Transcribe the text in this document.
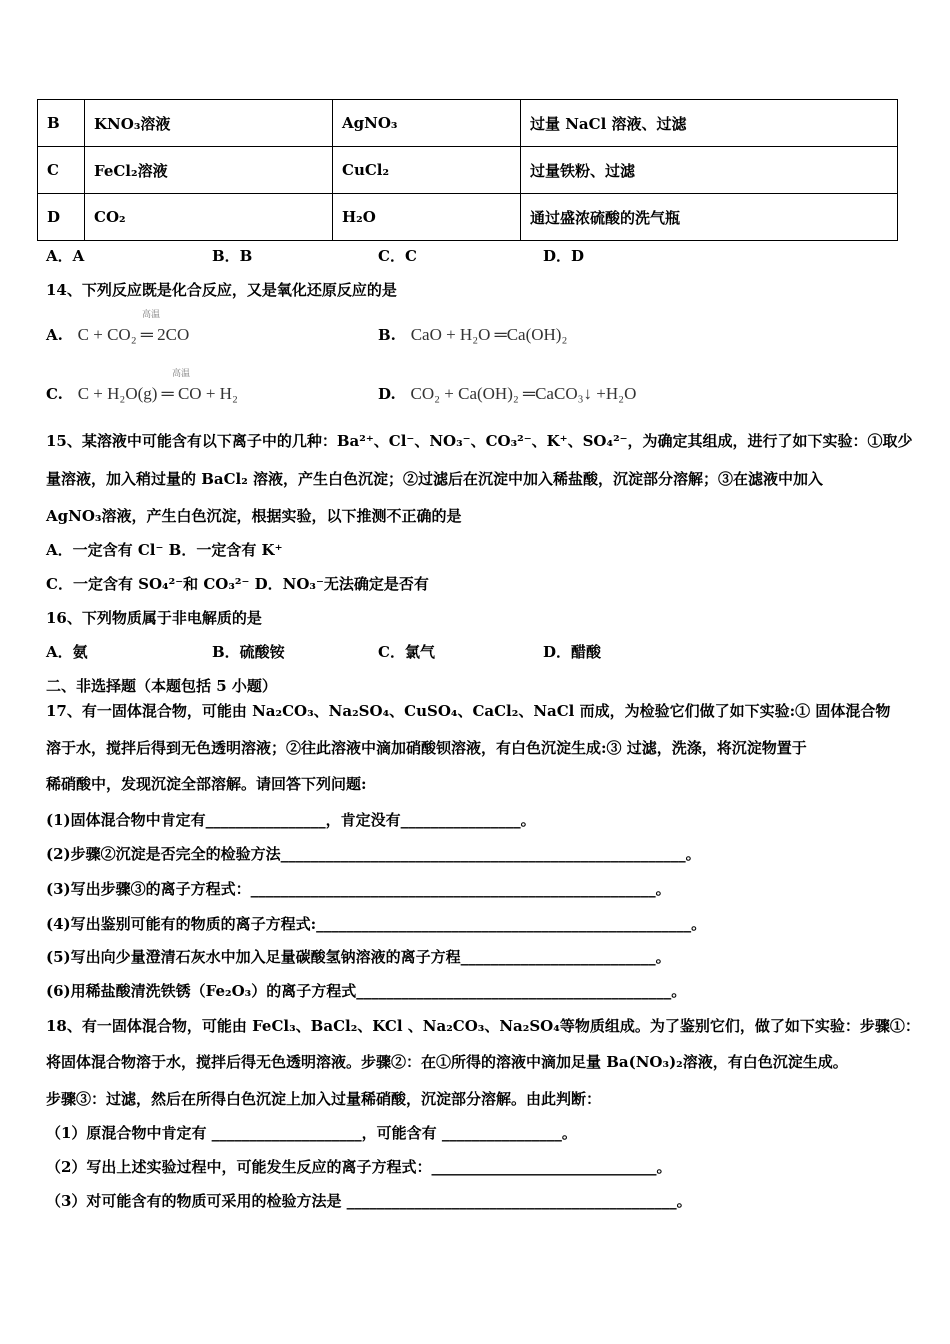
B	KNO₃溶液	AgNO₃	过量 NaCl 溶液、过滤
C	FeCl₂溶液	CuCl₂	过量铁粉、过滤
D	CO₂	H₂O	通过盛浓硫酸的洗气瓶
A．A	B．B	C．C	D．D
14、下列反应既是化合反应，又是氧化还原反应的是
高温
A. C + CO₂ ═ 2CO	B. CaO + H₂O ═Ca(OH)₂
高温
C. C + H₂O(g) ═ CO + H₂	D. CO₂ + Ca(OH)₂ ═CaCO₃↓ +H₂O
15、某溶液中可能含有以下离子中的几种：Ba²⁺、Cl⁻、NO₃⁻、CO₃²⁻、K⁺、SO₄²⁻，为确定其组成，进行了如下实验：①取少
量溶液，加入稍过量的 BaCl₂ 溶液，产生白色沉淀；②过滤后在沉淀中加入稀盐酸，沉淀部分溶解；③在滤液中加入
AgNO₃溶液，产生白色沉淀，根据实验，以下推测不正确的是
A．一定含有 Cl⁻ B．一定含有 K⁺
C．一定含有 SO₄²⁻和 CO₃²⁻ D．NO₃⁻无法确定是否有
16、下列物质属于非电解质的是
A．氨	B．硫酸铵	C．氯气	D．醋酸
二、非选择题（本题包括 5 小题）
17、有一固体混合物，可能由 Na₂CO₃、Na₂SO₄、CuSO₄、CaCl₂、NaCl 而成，为检验它们做了如下实验:① 固体混合物
溶于水，搅拌后得到无色透明溶液；②往此溶液中滴加硝酸钡溶液，有白色沉淀生成:③ 过滤，洗涤，将沉淀物置于
稀硝酸中，发现沉淀全部溶解。请回答下列问题:
(1)固体混合物中肯定有________________，肯定没有________________。
(2)步骤②沉淀是否完全的检验方法______________________________________________________。
(3)写出步骤③的离子方程式：______________________________________________________。
(4)写出鉴别可能有的物质的离子方程式:__________________________________________________。
(5)写出向少量澄清石灰水中加入足量碳酸氢钠溶液的离子方程__________________________。
(6)用稀盐酸清洗铁锈（Fe₂O₃）的离子方程式__________________________________________。
18、有一固体混合物，可能由 FeCl₃、BaCl₂、KCl 、Na₂CO₃、Na₂SO₄等物质组成。为了鉴别它们，做了如下实验：步骤①：
将固体混合物溶于水，搅拌后得无色透明溶液。步骤②：在①所得的溶液中滴加足量 Ba(NO₃)₂溶液，有白色沉淀生成。
步骤③：过滤，然后在所得白色沉淀上加入过量稀硝酸，沉淀部分溶解。由此判断：
（1）原混合物中肯定有 ____________________，可能含有 ________________。
（2）写出上述实验过程中，可能发生反应的离子方程式：______________________________。
（3）对可能含有的物质可采用的检验方法是 ____________________________________________。
